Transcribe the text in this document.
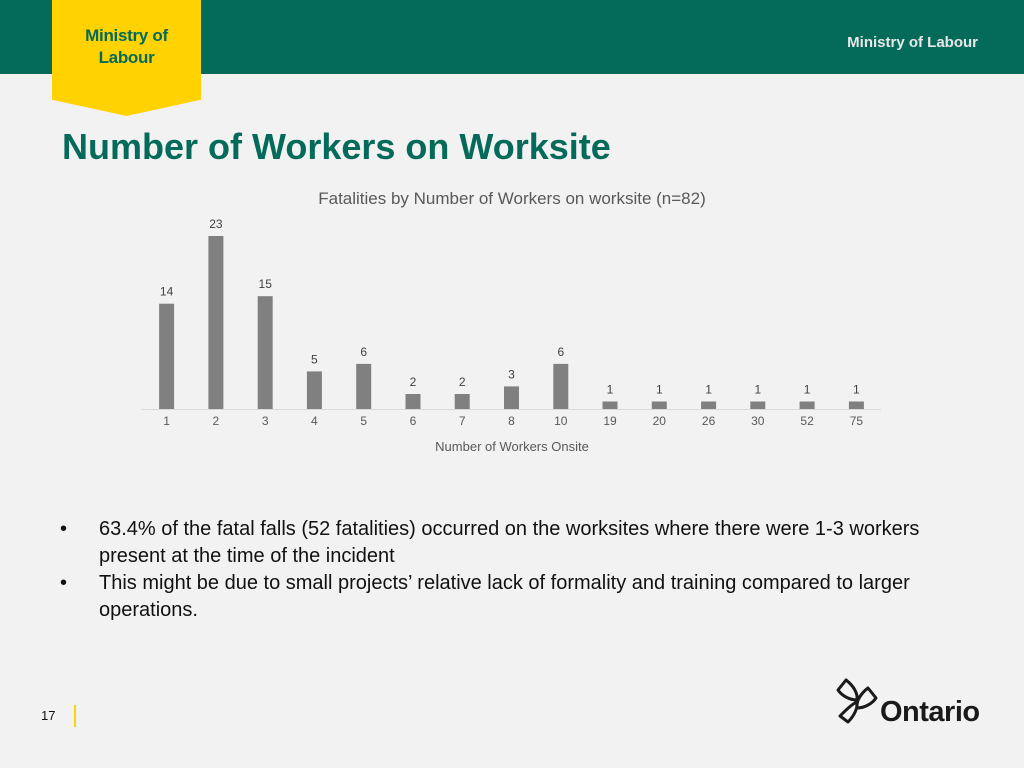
Ministry of Labour
Ministry of
Labour
Number of Workers on Worksite
Fatalities by Number of Workers on worksite (n=82)
14
1
23
2
15
3
5
4
6
5
2
6
2
7
3
8
6
10
1
19
1
20
1
26
1
30
1
52
1
75
Number of Workers Onsite
• 63.4% of the fatal falls (52 fatalities) occurred on the worksites where there were 1-3 workers present at the time of the incident
• This might be due to small projects’ relative lack of formality and training compared to larger operations.
17	Ontario
